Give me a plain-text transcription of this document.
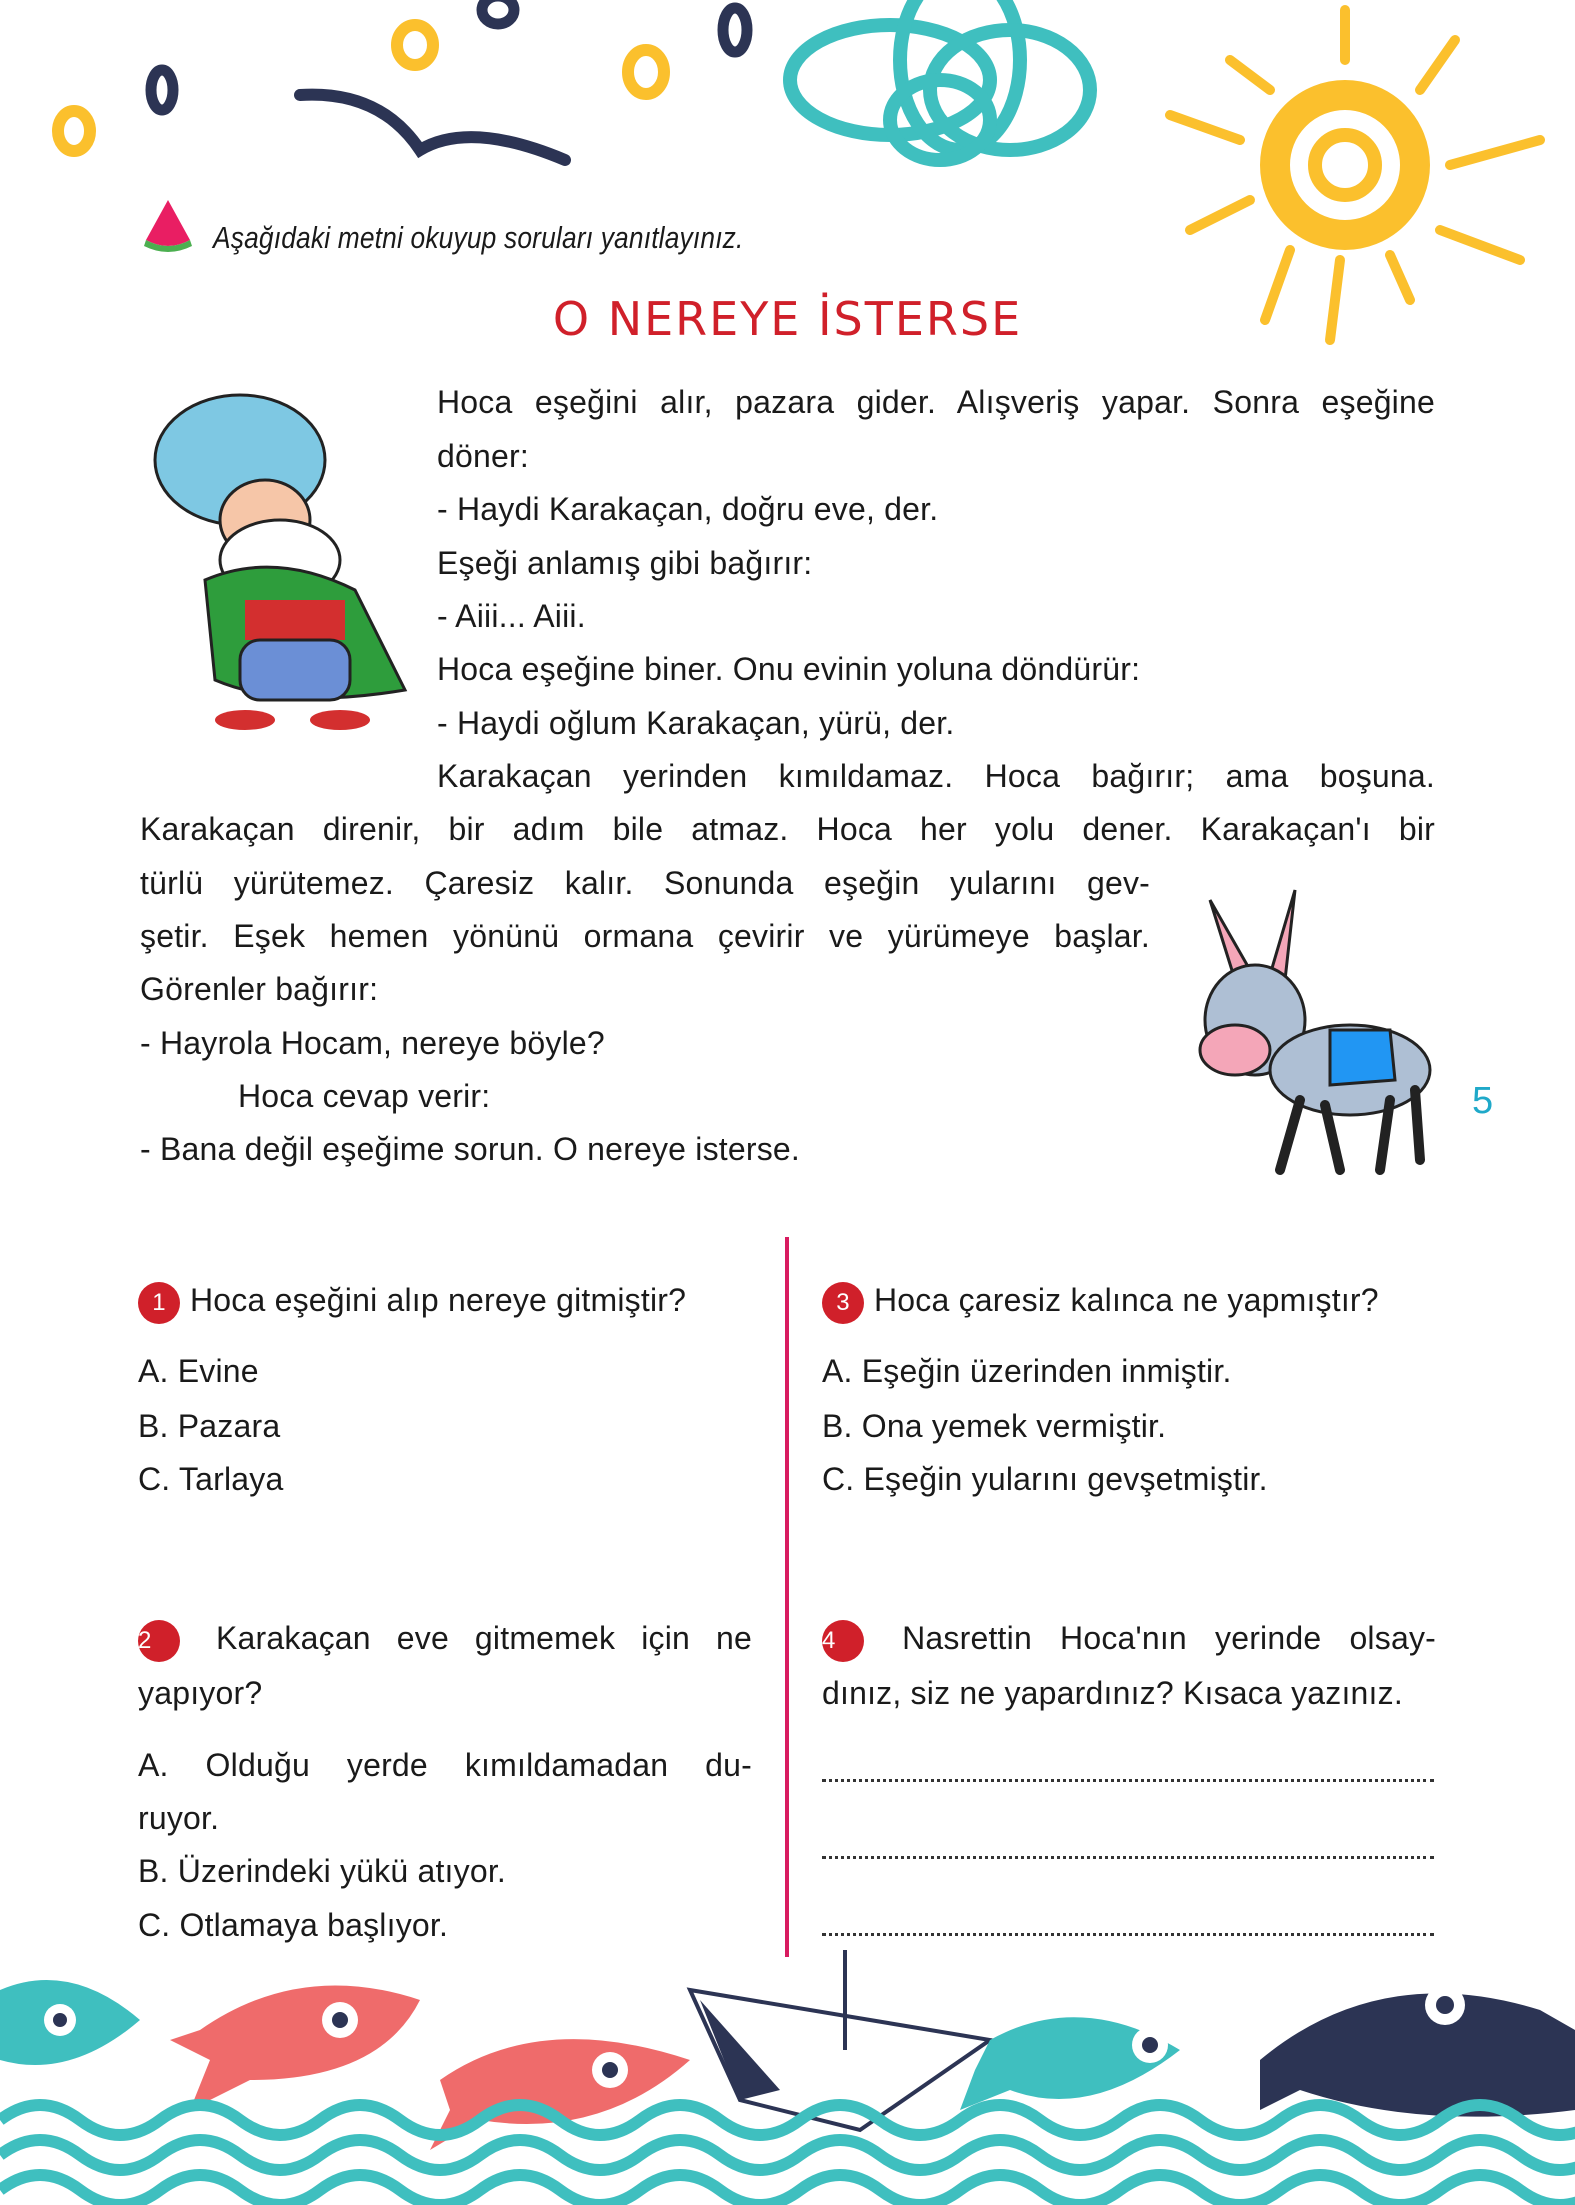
Aşağıdaki metni okuyup soruları yanıtlayınız.
O NEREYE İSTERSE
Hoca eşeğini alır, pazara gider. Alışveriş yapar. Sonra eşeğine
döner:
- Haydi Karakaçan, doğru eve, der.
Eşeği anlamış gibi bağırır:
- Aiii... Aiii.
Hoca eşeğine biner. Onu evinin yoluna döndürür:
- Haydi oğlum Karakaçan, yürü, der.
Karakaçan yerinden kımıldamaz. Hoca bağırır; ama boşuna.
Karakaçan direnir, bir adım bile atmaz. Hoca her yolu dener. Karakaçan'ı bir
türlü yürütemez. Çaresiz kalır. Sonunda eşeğin yularını gev-
şetir. Eşek hemen yönünü ormana çevirir ve yürümeye başlar.
Görenler bağırır:
- Hayrola Hocam, nereye böyle?
Hoca cevap verir:
- Bana değil eşeğime sorun. O nereye isterse.
5
1 Hoca eşeğini alıp nereye gitmiştir?
A. Evine
B. Pazara
C. Tarlaya
2 Karakaçan eve gitmemek için ne
yapıyor?
A. Olduğu yerde kımıldamadan du-
ruyor.
B. Üzerindeki yükü atıyor.
C. Otlamaya başlıyor.
3 Hoca çaresiz kalınca ne yapmıştır?
A. Eşeğin üzerinden inmiştir.
B. Ona yemek vermiştir.
C. Eşeğin yularını gevşetmiştir.
4 Nasrettin Hoca'nın yerinde olsay-
dınız, siz ne yapardınız? Kısaca yazınız.
